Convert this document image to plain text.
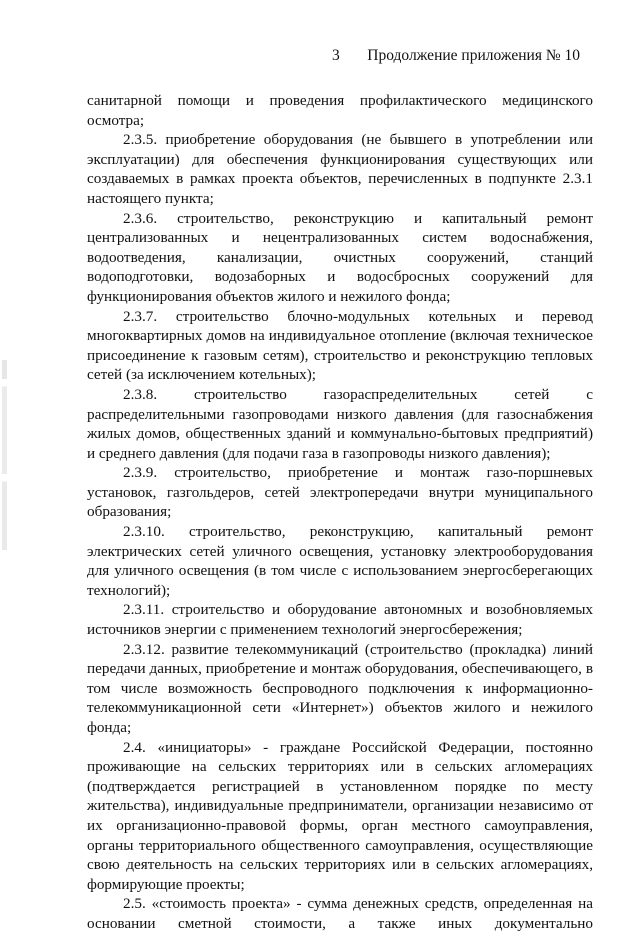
3 Продолжение приложения № 10

санитарной помощи и проведения профилактического медицинского осмотра;

2.3.5. приобретение оборудования (не бывшего в употреблении или эксплуатации) для обеспечения функционирования существующих или создаваемых в рамках проекта объектов, перечисленных в подпункте 2.3.1 настоящего пункта;

2.3.6. строительство, реконструкцию и капитальный ремонт централизованных и нецентрализованных систем водоснабжения, водоотведения, канализации, очистных сооружений, станций водоподготовки, водозаборных и водосбросных сооружений для функционирования объектов жилого и нежилого фонда;

2.3.7. строительство блочно-модульных котельных и перевод многоквартирных домов на индивидуальное отопление (включая техническое присоединение к газовым сетям), строительство и реконструкцию тепловых сетей (за исключением котельных);

2.3.8. строительство газораспределительных сетей с распределительными газопроводами низкого давления (для газоснабжения жилых домов, общественных зданий и коммунально-бытовых предприятий) и среднего давления (для подачи газа в газопроводы низкого давления);

2.3.9. строительство, приобретение и монтаж газо-поршневых установок, газгольдеров, сетей электропередачи внутри муниципального образования;

2.3.10. строительство, реконструкцию, капитальный ремонт электрических сетей уличного освещения, установку электрооборудования для уличного освещения (в том числе с использованием энергосберегающих технологий);

2.3.11. строительство и оборудование автономных и возобновляемых источников энергии с применением технологий энергосбережения;

2.3.12. развитие телекоммуникаций (строительство (прокладка) линий передачи данных, приобретение и монтаж оборудования, обеспечивающего, в том числе возможность беспроводного подключения к информационно-телекоммуникационной сети «Интернет») объектов жилого и нежилого фонда;

2.4. «инициаторы» - граждане Российской Федерации, постоянно проживающие на сельских территориях или в сельских агломерациях (подтверждается регистрацией в установленном порядке по месту жительства), индивидуальные предприниматели, организации независимо от их организационно-правовой формы, орган местного самоуправления, органы территориального общественного самоуправления, осуществляющие свою деятельность на сельских территориях или в сельских агломерациях, формирующие проекты;

2.5. «стоимость проекта» - сумма денежных средств, определенная на основании сметной стоимости, а также иных документально
